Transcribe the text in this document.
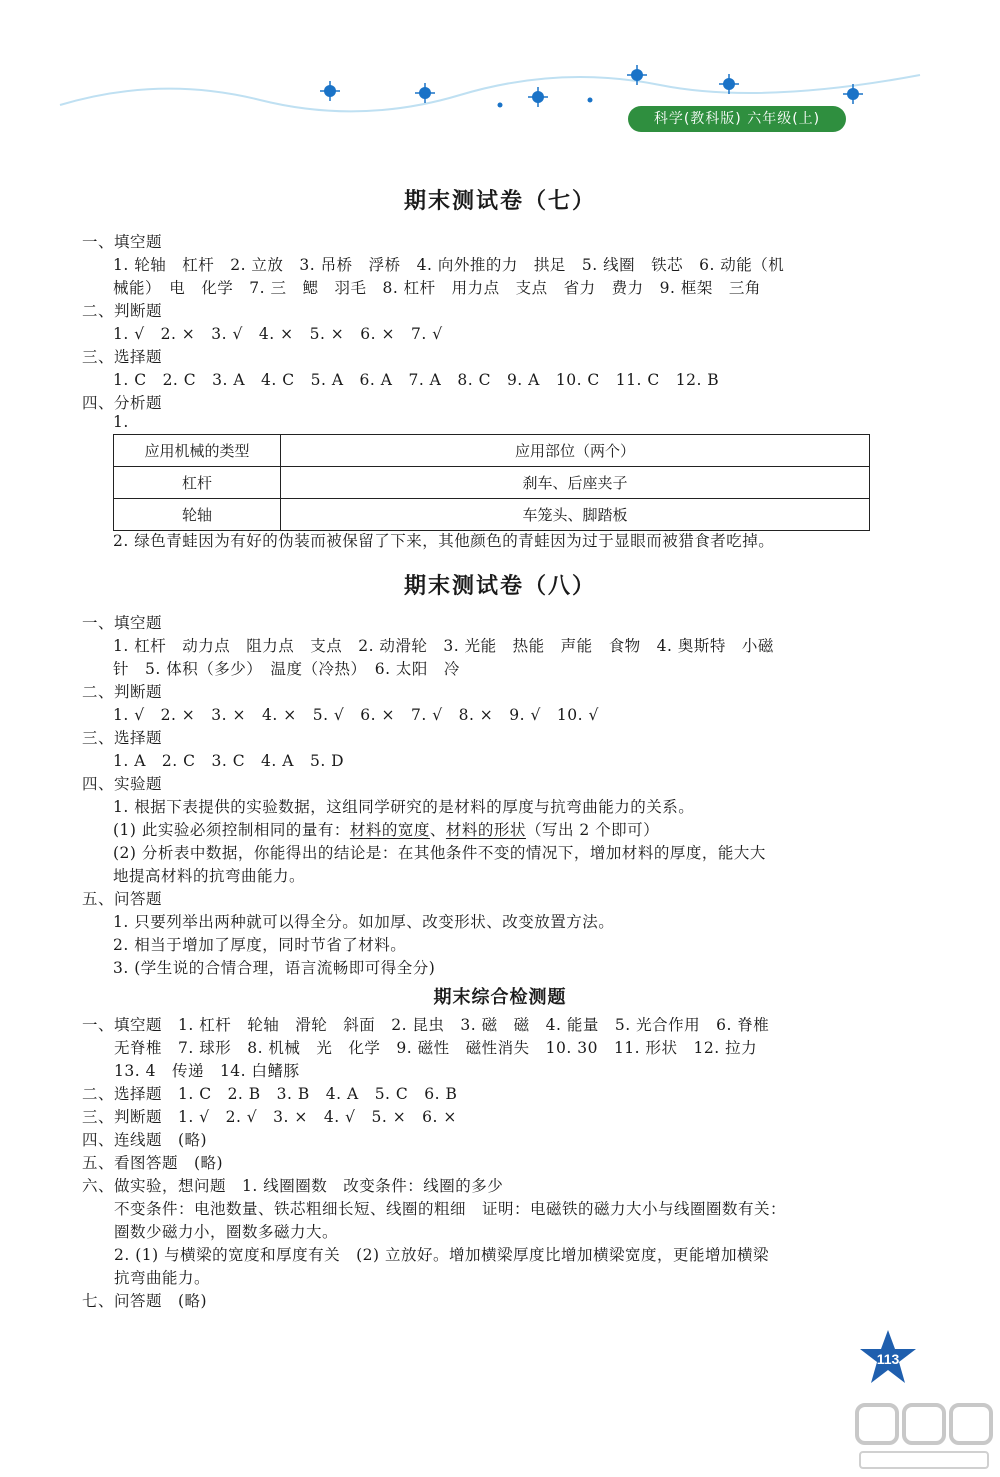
科学(教科版) 六年级(上)
期末测试卷（七）
一、填空题
1. 轮轴　杠杆　2. 立放　3. 吊桥　浮桥　4. 向外推的力　拱足　5. 线圈　铁芯　6. 动能（机
械能）　电　化学　7. 三　鳃　羽毛　8. 杠杆　用力点　支点　省力　费力　9. 框架　三角
二、判断题
1. √　2. ×　3. √　4. ×　5. ×　6. ×　7. √
三、选择题
1. C　2. C　3. A　4. C　5. A　6. A　7. A　8. C　9. A　10. C　11. C　12. B
四、分析题
1.
应用机械的类型	应用部位（两个）
杠杆	刹车、后座夹子
轮轴	车笼头、脚踏板
2. 绿色青蛙因为有好的伪装而被保留了下来，其他颜色的青蛙因为过于显眼而被猎食者吃掉。
期末测试卷（八）
一、填空题
1. 杠杆　动力点　阻力点　支点　2. 动滑轮　3. 光能　热能　声能　食物　4. 奥斯特　小磁
针　5. 体积（多少）　温度（冷热）　6. 太阳　冷
二、判断题
1. √　2. ×　3. ×　4. ×　5. √　6. ×　7. √　8. ×　9. √　10. √
三、选择题
1. A　2. C　3. C　4. A　5. D
四、实验题
1. 根据下表提供的实验数据，这组同学研究的是材料的厚度与抗弯曲能力的关系。
(1) 此实验必须控制相同的量有：材料的宽度、材料的形状（写出 2 个即可）
(2) 分析表中数据，你能得出的结论是：在其他条件不变的情况下，增加材料的厚度，能大大
地提高材料的抗弯曲能力。
五、问答题
1. 只要列举出两种就可以得全分。如加厚、改变形状、改变放置方法。
2. 相当于增加了厚度，同时节省了材料。
3. (学生说的合情合理，语言流畅即可得全分)
期末综合检测题
一、填空题　1. 杠杆　轮轴　滑轮　斜面　2. 昆虫　3. 磁　磁　4. 能量　5. 光合作用　6. 脊椎
　　无脊椎　7. 球形　8. 机械　光　化学　9. 磁性　磁性消失　10. 30　11. 形状　12. 拉力
　　13. 4　传递　14. 白鳍豚
二、选择题　1. C　2. B　3. B　4. A　5. C　6. B
三、判断题　1. √　2. √　3. ×　4. √　5. ×　6. ×
四、连线题　(略)
五、看图答题　(略)
六、做实验，想问题　1. 线圈圈数　改变条件：线圈的多少
　　不变条件：电池数量、铁芯粗细长短、线圈的粗细　证明：电磁铁的磁力大小与线圈圈数有关：
　　圈数少磁力小，圈数多磁力大。
　　2. (1) 与横梁的宽度和厚度有关　(2) 立放好。增加横梁厚度比增加横梁宽度，更能增加横梁
　　抗弯曲能力。
七、问答题　(略)
113
